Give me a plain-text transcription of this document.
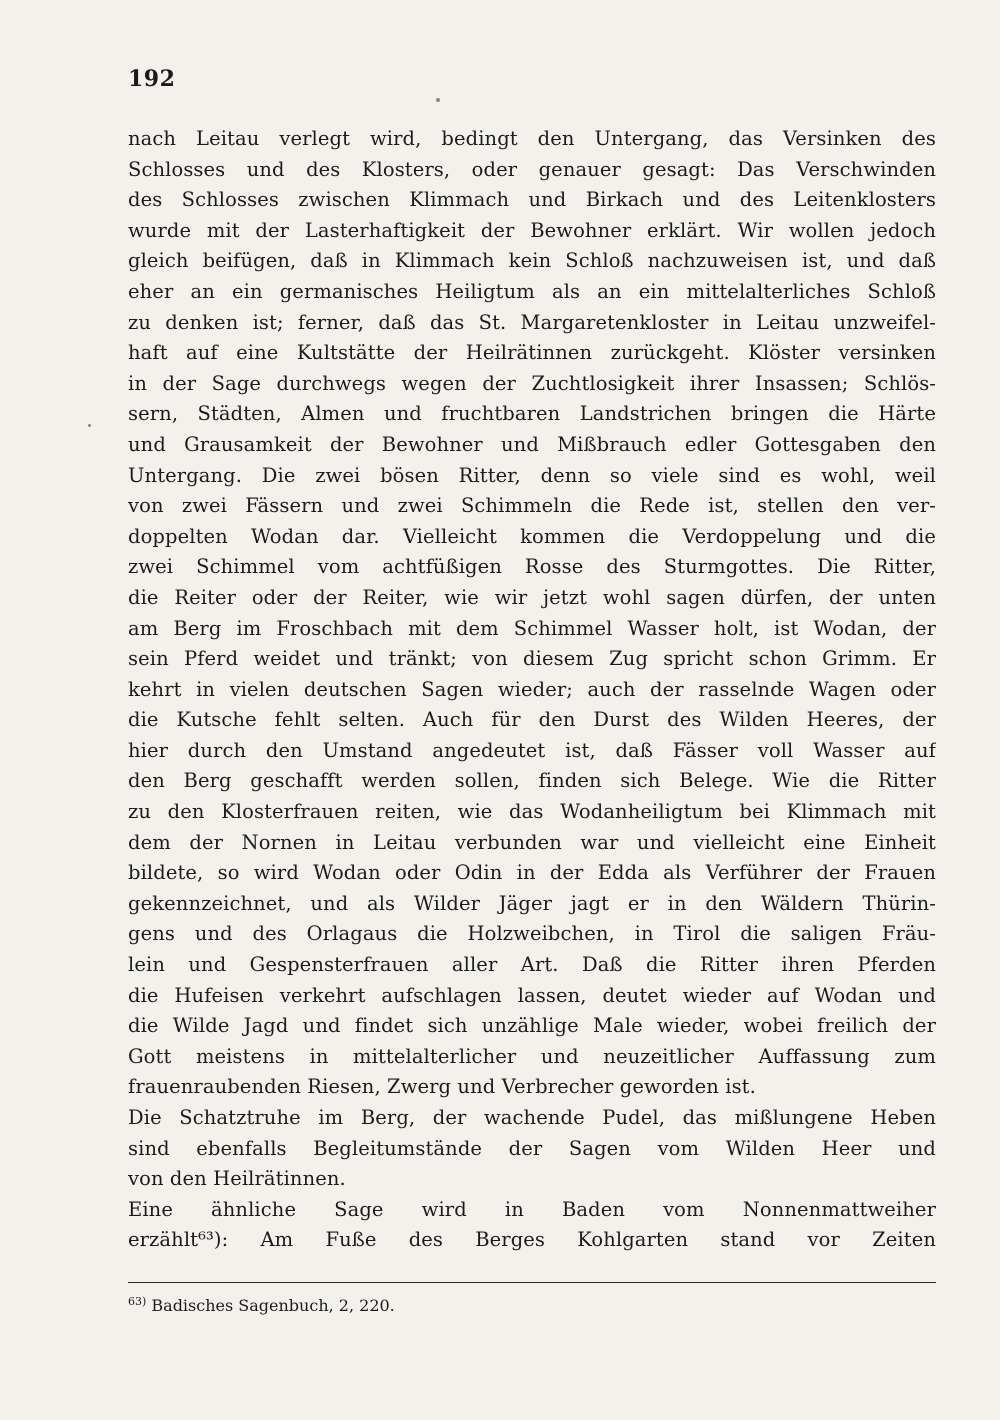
192
nach Leitau verlegt wird, bedingt den Untergang, das Versinken des
Schlosses und des Klosters, oder genauer gesagt: Das Verschwinden
des Schlosses zwischen Klimmach und Birkach und des Leitenklosters
wurde mit der Lasterhaftigkeit der Bewohner erklärt. Wir wollen jedoch
gleich beifügen, daß in Klimmach kein Schloß nachzuweisen ist, und daß
eher an ein germanisches Heiligtum als an ein mittelalterliches Schloß
zu denken ist; ferner, daß das St. Margaretenkloster in Leitau unzweifel-
haft auf eine Kultstätte der Heilrätinnen zurückgeht. Klöster versinken
in der Sage durchwegs wegen der Zuchtlosigkeit ihrer Insassen; Schlös-
sern, Städten, Almen und fruchtbaren Landstrichen bringen die Härte
und Grausamkeit der Bewohner und Mißbrauch edler Gottesgaben den
Untergang. Die zwei bösen Ritter, denn so viele sind es wohl, weil
von zwei Fässern und zwei Schimmeln die Rede ist, stellen den ver-
doppelten Wodan dar. Vielleicht kommen die Verdoppelung und die
zwei Schimmel vom achtfüßigen Rosse des Sturmgottes. Die Ritter,
die Reiter oder der Reiter, wie wir jetzt wohl sagen dürfen, der unten
am Berg im Froschbach mit dem Schimmel Wasser holt, ist Wodan, der
sein Pferd weidet und tränkt; von diesem Zug spricht schon Grimm. Er
kehrt in vielen deutschen Sagen wieder; auch der rasselnde Wagen oder
die Kutsche fehlt selten. Auch für den Durst des Wilden Heeres, der
hier durch den Umstand angedeutet ist, daß Fässer voll Wasser auf
den Berg geschafft werden sollen, finden sich Belege. Wie die Ritter
zu den Klosterfrauen reiten, wie das Wodanheiligtum bei Klimmach mit
dem der Nornen in Leitau verbunden war und vielleicht eine Einheit
bildete, so wird Wodan oder Odin in der Edda als Verführer der Frauen
gekennzeichnet, und als Wilder Jäger jagt er in den Wäldern Thürin-
gens und des Orlagaus die Holzweibchen, in Tirol die saligen Fräu-
lein und Gespensterfrauen aller Art. Daß die Ritter ihren Pferden
die Hufeisen verkehrt aufschlagen lassen, deutet wieder auf Wodan und
die Wilde Jagd und findet sich unzählige Male wieder, wobei freilich der
Gott meistens in mittelalterlicher und neuzeitlicher Auffassung zum
frauenraubenden Riesen, Zwerg und Verbrecher geworden ist.
Die Schatztruhe im Berg, der wachende Pudel, das mißlungene Heben
sind ebenfalls Begleitumstände der Sagen vom Wilden Heer und
von den Heilrätinnen.
Eine ähnliche Sage wird in Baden vom Nonnenmattweiher
erzählt⁶³): Am Fuße des Berges Kohlgarten stand vor Zeiten
$^{63)}$ Badisches Sagenbuch, 2, 220.
